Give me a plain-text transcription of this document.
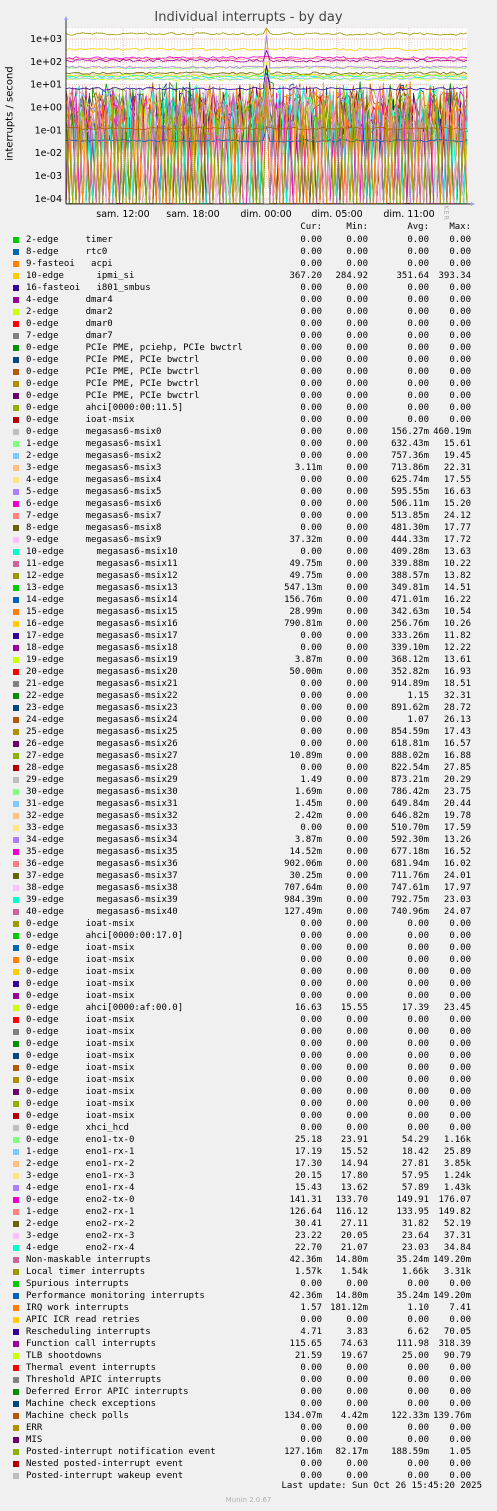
Individual interrupts - by day
interrupts / second
1e-04
1e-03
1e-02
1e-01
1e+00
1e+01
1e+02
1e+03
sam. 12:00 sam. 18:00 dim. 00:00 dim. 05:00 dim. 11:00
Cur:	Min:	Avg:	Max:
2-edge     timer	0.00	0.00	0.00	0.00
8-edge     rtc0	0.00	0.00	0.00	0.00
9-fasteoi   acpi	0.00	0.00	0.00	0.00
10-edge      ipmi_si	367.20	284.92	351.64	393.34
16-fasteoi   i801_smbus	0.00	0.00	0.00	0.00
4-edge     dmar4	0.00	0.00	0.00	0.00
2-edge     dmar2	0.00	0.00	0.00	0.00
0-edge     dmar0	0.00	0.00	0.00	0.00
7-edge     dmar7	0.00	0.00	0.00	0.00
0-edge     PCIe PME, pciehp, PCIe bwctrl	0.00	0.00	0.00	0.00
0-edge     PCIe PME, PCIe bwctrl	0.00	0.00	0.00	0.00
0-edge     PCIe PME, PCIe bwctrl	0.00	0.00	0.00	0.00
0-edge     PCIe PME, PCIe bwctrl	0.00	0.00	0.00	0.00
0-edge     PCIe PME, PCIe bwctrl	0.00	0.00	0.00	0.00
0-edge     ahci[0000:00:11.5]	0.00	0.00	0.00	0.00
0-edge     ioat-msix	0.00	0.00	0.00	0.00
0-edge     megasas6-msix0	0.00	0.00	156.27m 460.19m
1-edge     megasas6-msix1	0.00	0.00	632.43m	15.61
2-edge     megasas6-msix2	0.00	0.00	757.36m	19.45
3-edge     megasas6-msix3	3.11m	0.00	713.86m	22.31
4-edge     megasas6-msix4	0.00	0.00	625.74m	17.55
5-edge     megasas6-msix5	0.00	0.00	595.55m	16.63
6-edge     megasas6-msix6	0.00	0.00	506.11m	15.20
7-edge     megasas6-msix7	0.00	0.00	513.85m	24.12
8-edge     megasas6-msix8	0.00	0.00	481.30m	17.77
9-edge     megasas6-msix9	37.32m	0.00	444.33m	17.72
10-edge      megasas6-msix10	0.00	0.00	409.28m	13.63
11-edge      megasas6-msix11	49.75m	0.00	339.88m	10.22
12-edge      megasas6-msix12	49.75m	0.00	388.57m	13.82
13-edge      megasas6-msix13	547.13m	0.00	349.81m	14.51
14-edge      megasas6-msix14	156.76m	0.00	471.01m	16.22
15-edge      megasas6-msix15	28.99m	0.00	342.63m	10.54
16-edge      megasas6-msix16	790.81m	0.00	256.76m	10.26
17-edge      megasas6-msix17	0.00	0.00	333.26m	11.82
18-edge      megasas6-msix18	0.00	0.00	339.10m	12.22
19-edge      megasas6-msix19	3.87m	0.00	368.12m	13.61
20-edge      megasas6-msix20	50.00m	0.00	352.82m	16.93
21-edge      megasas6-msix21	0.00	0.00	914.89m	18.51
22-edge      megasas6-msix22	0.00	0.00	1.15	32.31
23-edge      megasas6-msix23	0.00	0.00	891.62m	28.72
24-edge      megasas6-msix24	0.00	0.00	1.07	26.13
25-edge      megasas6-msix25	0.00	0.00	854.59m	17.43
26-edge      megasas6-msix26	0.00	0.00	618.81m	16.57
27-edge      megasas6-msix27	10.89m	0.00	888.02m	16.88
28-edge      megasas6-msix28	0.00	0.00	822.54m	27.85
29-edge      megasas6-msix29	1.49	0.00	873.21m	20.29
30-edge      megasas6-msix30	1.69m	0.00	786.42m	23.75
31-edge      megasas6-msix31	1.45m	0.00	649.84m	20.44
32-edge      megasas6-msix32	2.42m	0.00	646.82m	19.78
33-edge      megasas6-msix33	0.00	0.00	510.70m	17.59
34-edge      megasas6-msix34	3.87m	0.00	592.30m	13.26
35-edge      megasas6-msix35	14.52m	0.00	677.18m	16.52
36-edge      megasas6-msix36	902.06m	0.00	681.94m	16.02
37-edge      megasas6-msix37	30.25m	0.00	711.76m	24.01
38-edge      megasas6-msix38	707.64m	0.00	747.61m	17.97
39-edge      megasas6-msix39	984.39m	0.00	792.75m	23.03
40-edge      megasas6-msix40	127.49m	0.00	740.96m	24.07
0-edge     ioat-msix	0.00	0.00	0.00	0.00
0-edge     ahci[0000:00:17.0]	0.00	0.00	0.00	0.00
0-edge     ioat-msix	0.00	0.00	0.00	0.00
0-edge     ioat-msix	0.00	0.00	0.00	0.00
0-edge     ioat-msix	0.00	0.00	0.00	0.00
0-edge     ioat-msix	0.00	0.00	0.00	0.00
0-edge     ioat-msix	0.00	0.00	0.00	0.00
0-edge     ahci[0000:af:00.0]	16.63	15.55	17.39	23.45
0-edge     ioat-msix	0.00	0.00	0.00	0.00
0-edge     ioat-msix	0.00	0.00	0.00	0.00
0-edge     ioat-msix	0.00	0.00	0.00	0.00
0-edge     ioat-msix	0.00	0.00	0.00	0.00
0-edge     ioat-msix	0.00	0.00	0.00	0.00
0-edge     ioat-msix	0.00	0.00	0.00	0.00
0-edge     ioat-msix	0.00	0.00	0.00	0.00
0-edge     ioat-msix	0.00	0.00	0.00	0.00
0-edge     ioat-msix	0.00	0.00	0.00	0.00
0-edge     xhci_hcd	0.00	0.00	0.00	0.00
0-edge     eno1-tx-0	25.18	23.91	54.29	1.16k
1-edge     eno1-rx-1	17.19	15.52	18.42	25.89
2-edge     eno1-rx-2	17.30	14.94	27.81	3.85k
3-edge     eno1-rx-3	20.15	17.80	57.95	1.24k
4-edge     eno1-rx-4	15.43	13.62	57.89	1.43k
0-edge     eno2-tx-0	141.31	133.70	149.91	176.07
1-edge     eno2-rx-1	126.64	116.12	133.95	149.82
2-edge     eno2-rx-2	30.41	27.11	31.82	52.19
3-edge     eno2-rx-3	23.22	20.05	23.64	37.31
4-edge     eno2-rx-4	22.70	21.07	23.03	34.84
Non-maskable interrupts	42.36m	14.80m	35.24m 149.20m
Local timer interrupts	1.57k	1.54k	1.66k	3.31k
Spurious interrupts	0.00	0.00	0.00	0.00
Performance monitoring interrupts	42.36m	14.80m	35.24m 149.20m
IRQ work interrupts	1.57 181.12m	1.10	7.41
APIC ICR read retries	0.00	0.00	0.00	0.00
Rescheduling interrupts	4.71	3.83	6.62	70.05
Function call interrupts	115.65	74.63	111.98	318.39
TLB shootdowns	21.59	19.67	25.00	90.79
Thermal event interrupts	0.00	0.00	0.00	0.00
Threshold APIC interrupts	0.00	0.00	0.00	0.00
Deferred Error APIC interrupts	0.00	0.00	0.00	0.00
Machine check exceptions	0.00	0.00	0.00	0.00
Machine check polls	134.07m	4.42m	122.33m 139.76m
ERR	0.00	0.00	0.00	0.00
MIS	0.00	0.00	0.00	0.00
Posted-interrupt notification event	127.16m	82.17m	188.59m	1.05
Nested posted-interrupt event	0.00	0.00	0.00	0.00
Posted-interrupt wakeup event	0.00	0.00	0.00	0.00
Last update: Sun Oct 26 15:45:20 2025
Munin 2.0.67
